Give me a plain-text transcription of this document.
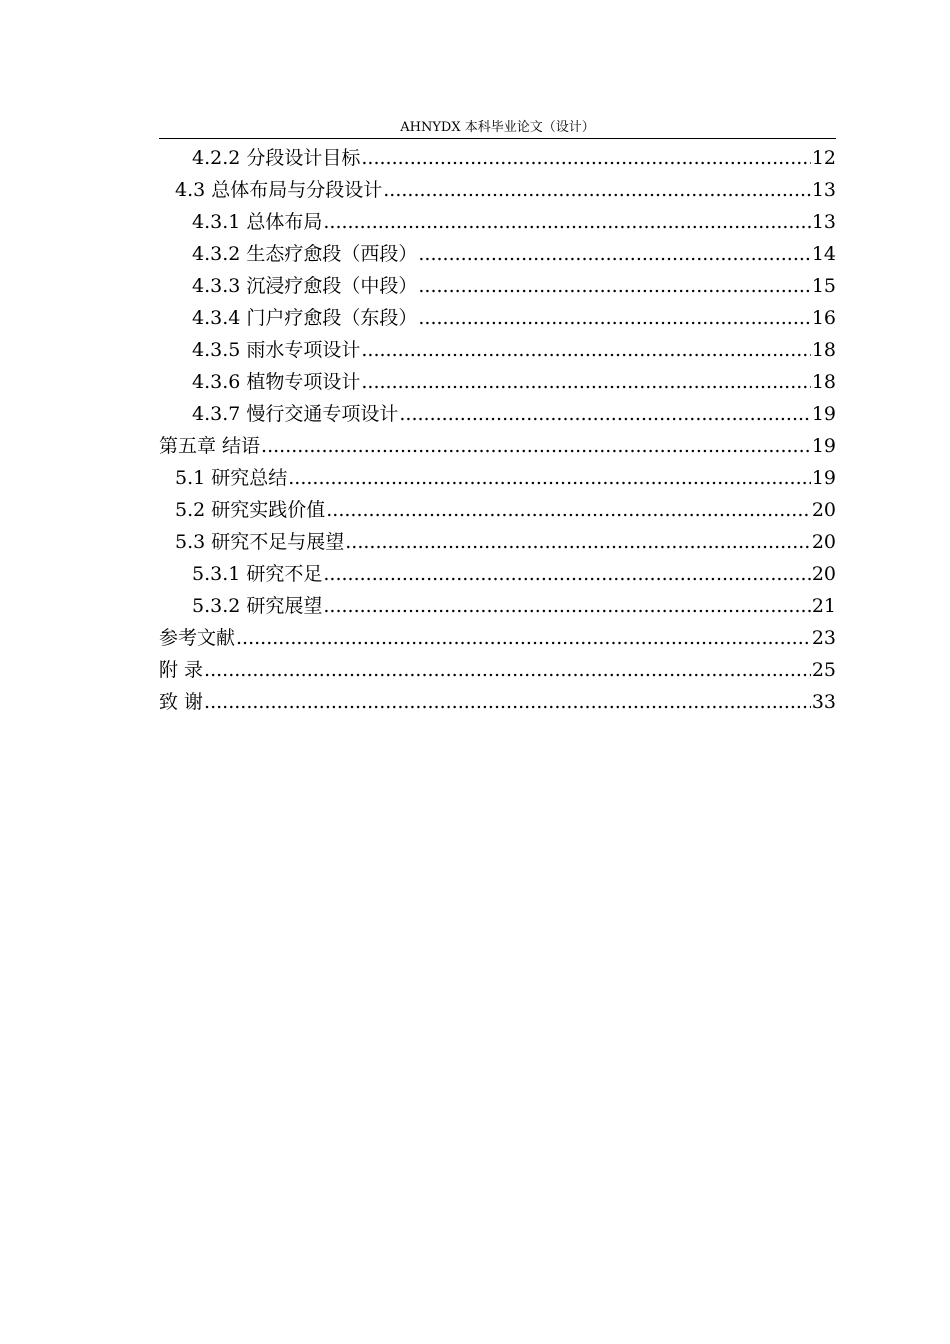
AHNYDX 本科毕业论文（设计）
4.2.2 分段设计目标 .....	12
4.3 总体布局与分段设计 .....	13
4.3.1 总体布局 .....	13
4.3.2 生态疗愈段（西段） .....	14
4.3.3 沉浸疗愈段（中段） .....	15
4.3.4 门户疗愈段（东段） .....	16
4.3.5 雨水专项设计 .....	18
4.3.6 植物专项设计 .....	18
4.3.7 慢行交通专项设计 .....	19
第五章 结语 .....	19
5.1 研究总结 .....	19
5.2 研究实践价值 .....	20
5.3 研究不足与展望 .....	20
5.3.1 研究不足 .....	20
5.3.2 研究展望 .....	21
参考文献 .....	23
附 录 .....	25
致 谢 .....	33
